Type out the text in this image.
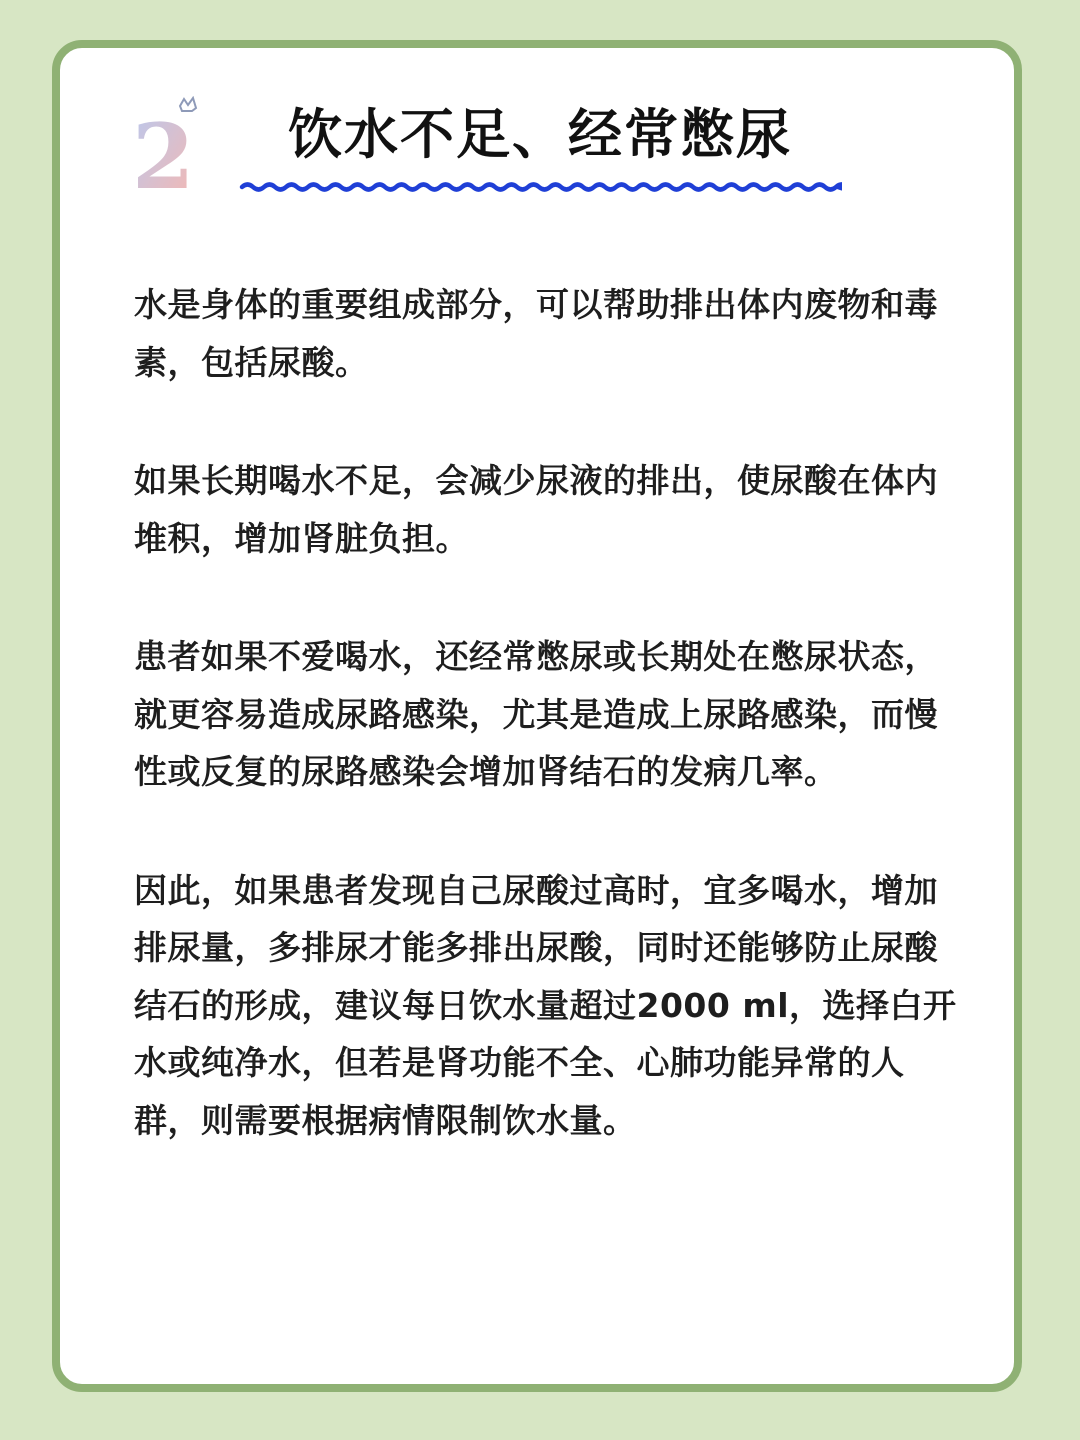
2	饮水不足、经常憋尿

水是身体的重要组成部分，可以帮助排出体内废物和毒素，包括尿酸。

如果长期喝水不足，会减少尿液的排出，使尿酸在体内堆积，增加肾脏负担。

患者如果不爱喝水，还经常憋尿或长期处在憋尿状态，就更容易造成尿路感染，尤其是造成上尿路感染，而慢性或反复的尿路感染会增加肾结石的发病几率。

因此，如果患者发现自己尿酸过高时，宜多喝水，增加排尿量，多排尿才能多排出尿酸，同时还能够防止尿酸结石的形成，建议每日饮水量超过2000 ml，选择白开水或纯净水，但若是肾功能不全、心肺功能异常的人群，则需要根据病情限制饮水量。
